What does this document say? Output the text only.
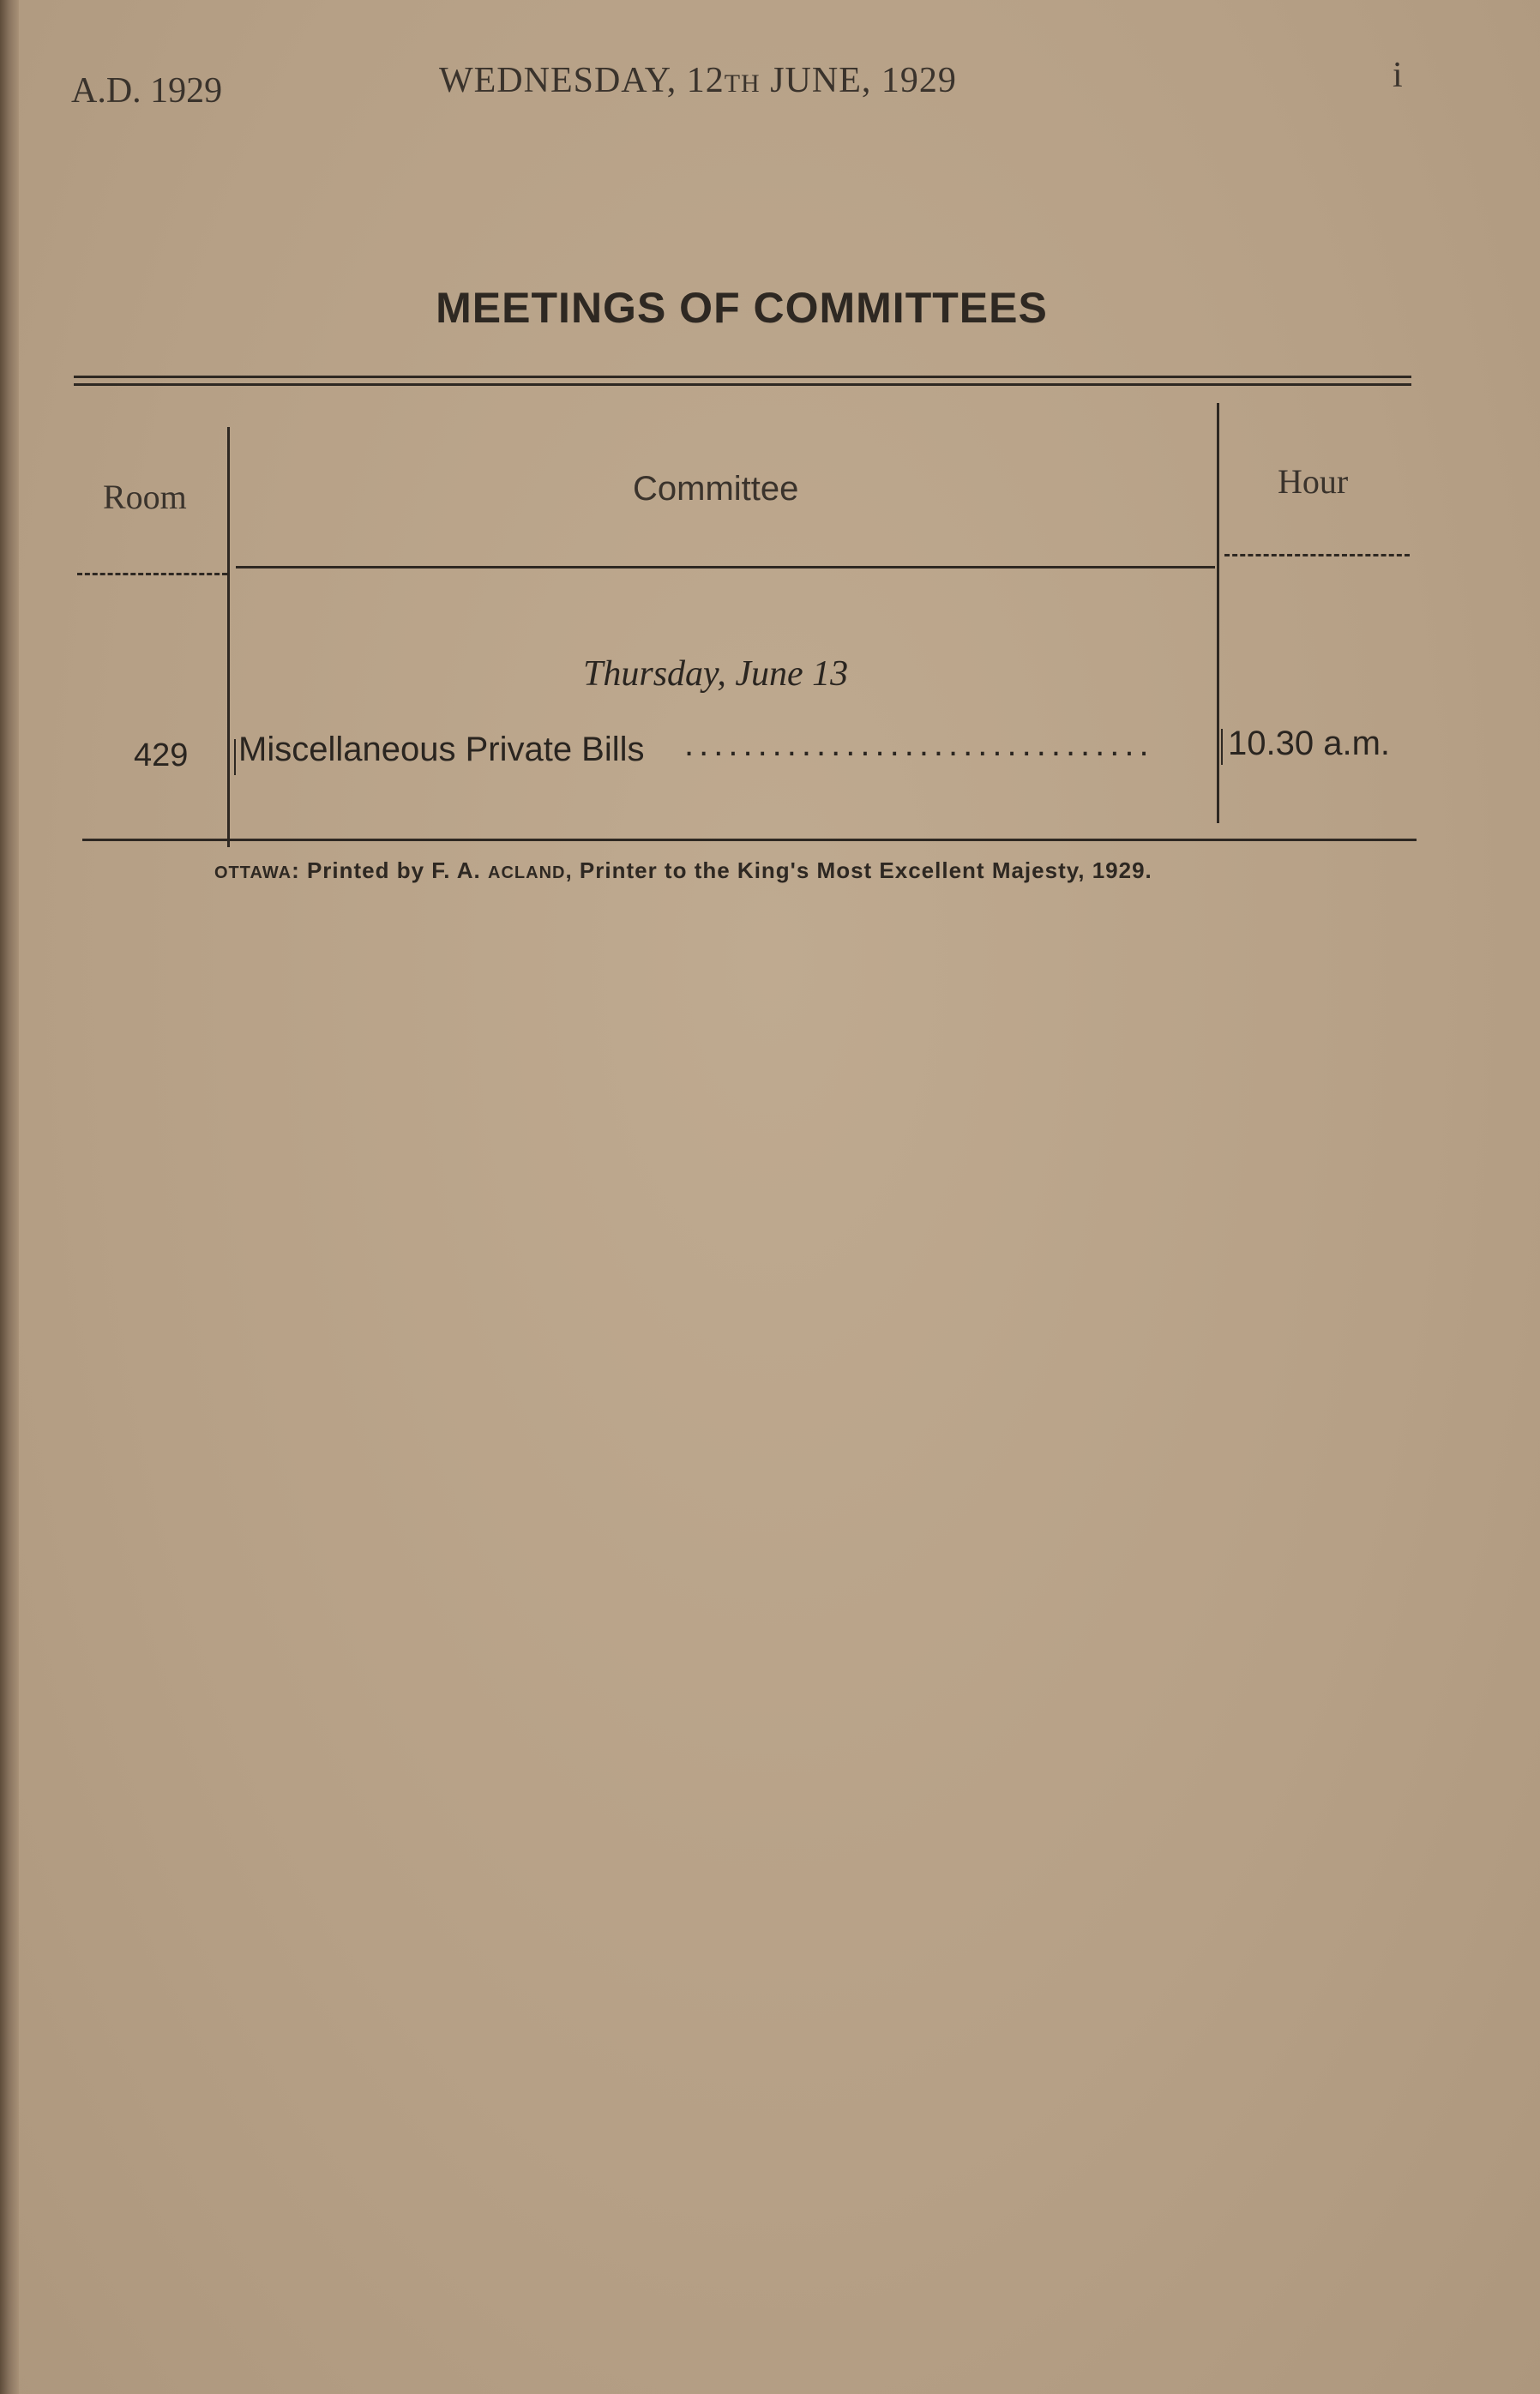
A.D. 1929	WEDNESDAY, 12TH JUNE, 1929	i
MEETINGS OF COMMITTEES
Room	Committee	Hour
Thursday, June 13
429 Miscellaneous Private Bills ................................ 10.30 a.m.
OTTAWA: Printed by F. A. ACLAND, Printer to the King's Most Excellent Majesty, 1929.
